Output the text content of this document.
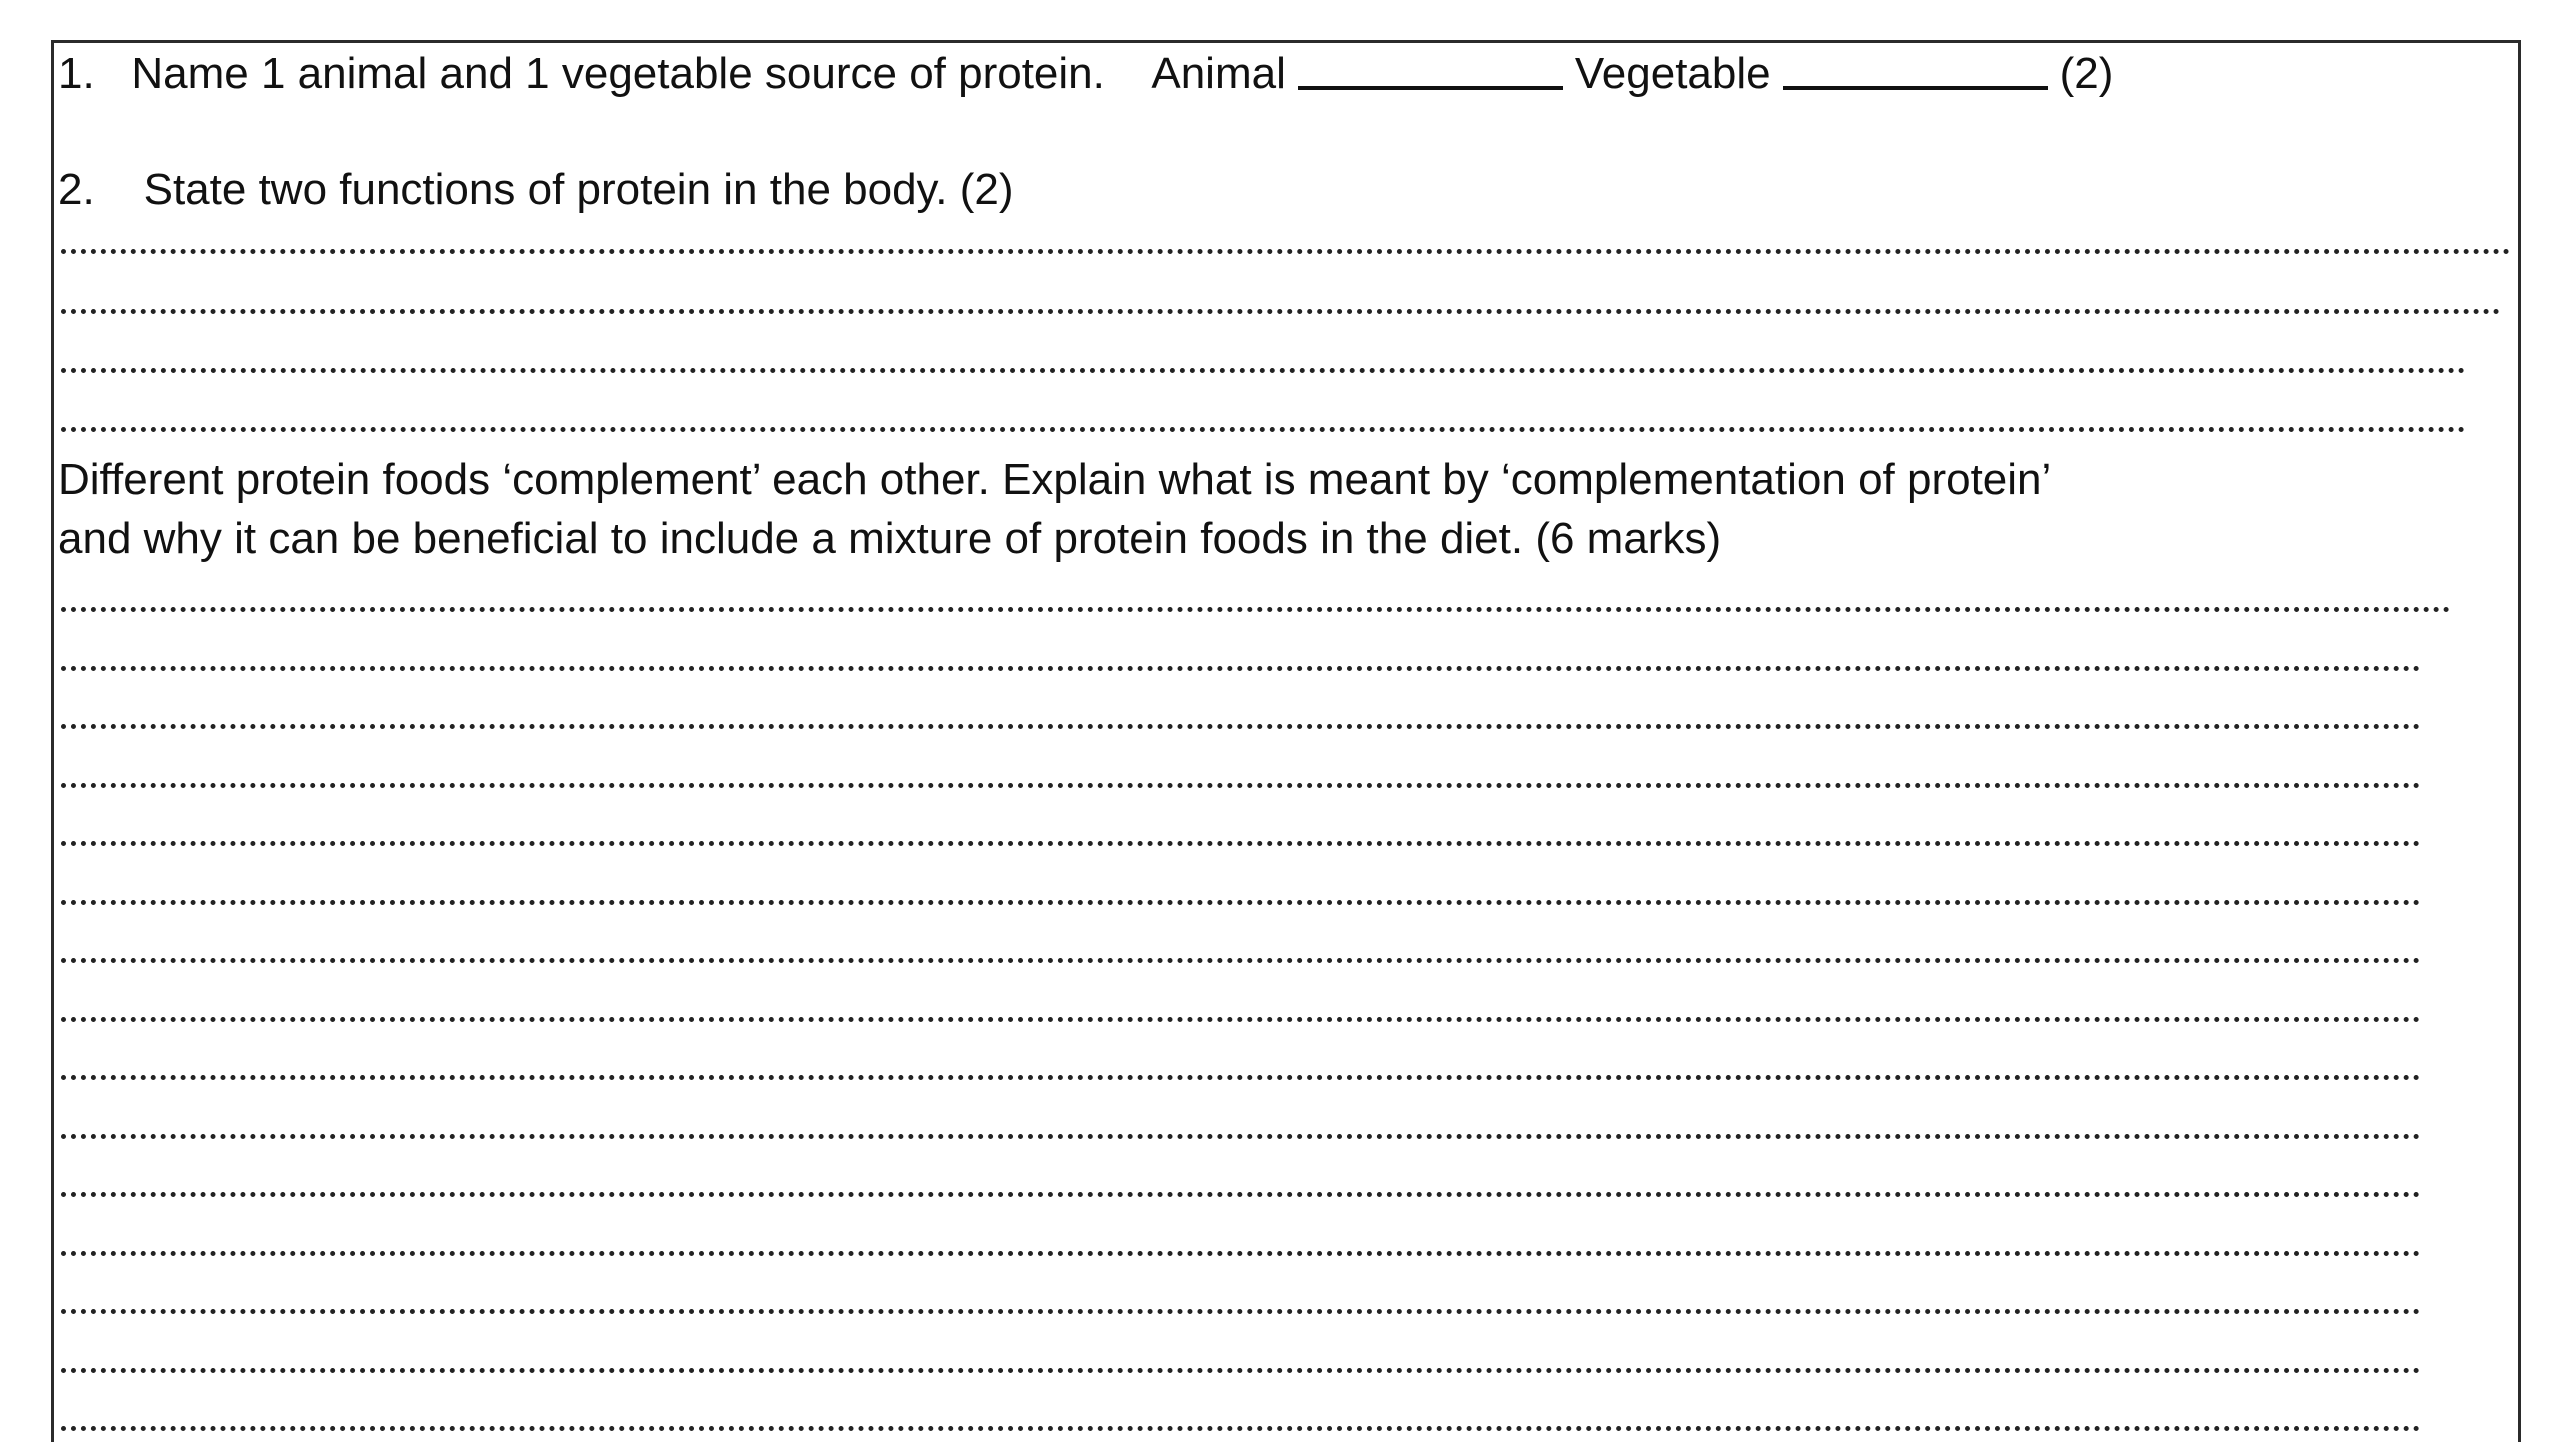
1. Name 1 animal and 1 vegetable source of protein. Animal	Vegetable	(2)
2. State two functions of protein in the body. (2)
Different protein foods ‘complement’ each other. Explain what is meant by ‘complementation of protein’
and why it can be beneficial to include a mixture of protein foods in the diet. (6 marks)
